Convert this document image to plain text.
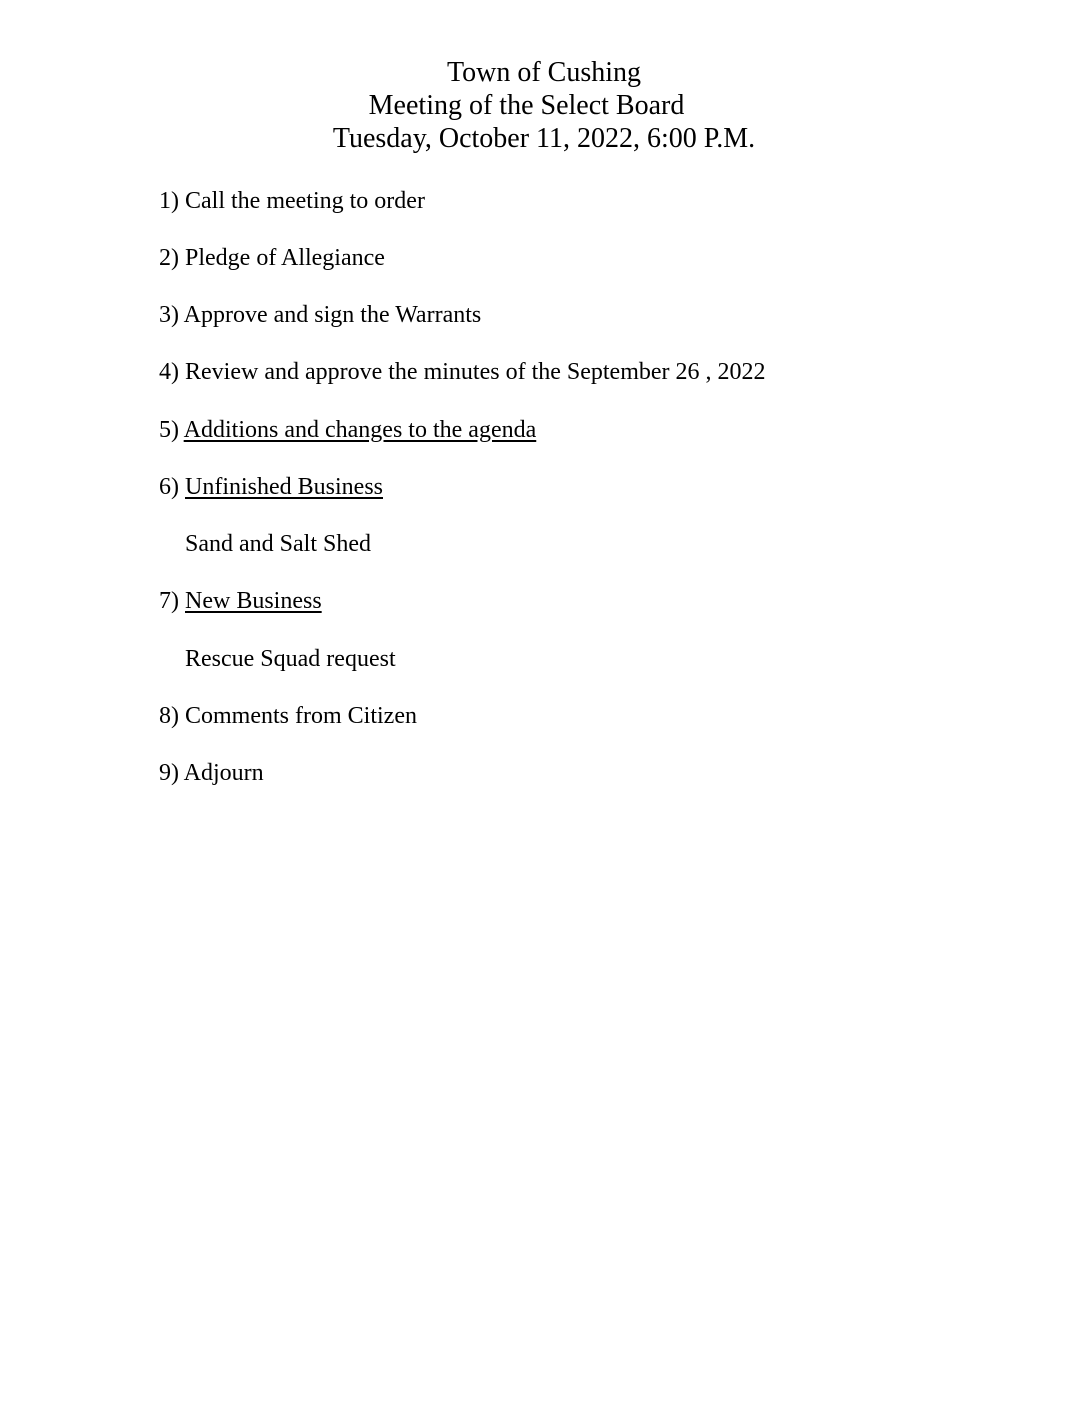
Town of Cushing
Meeting of the Select Board
Tuesday, October 11, 2022, 6:00 P.M.
1) Call the meeting to order
2) Pledge of Allegiance
3) Approve and sign the Warrants
4) Review and approve the minutes of the September 26 , 2022
5) Additions and changes to the agenda
6) Unfinished Business
Sand and Salt Shed
7) New Business
Rescue Squad request
8) Comments from Citizen
9) Adjourn
